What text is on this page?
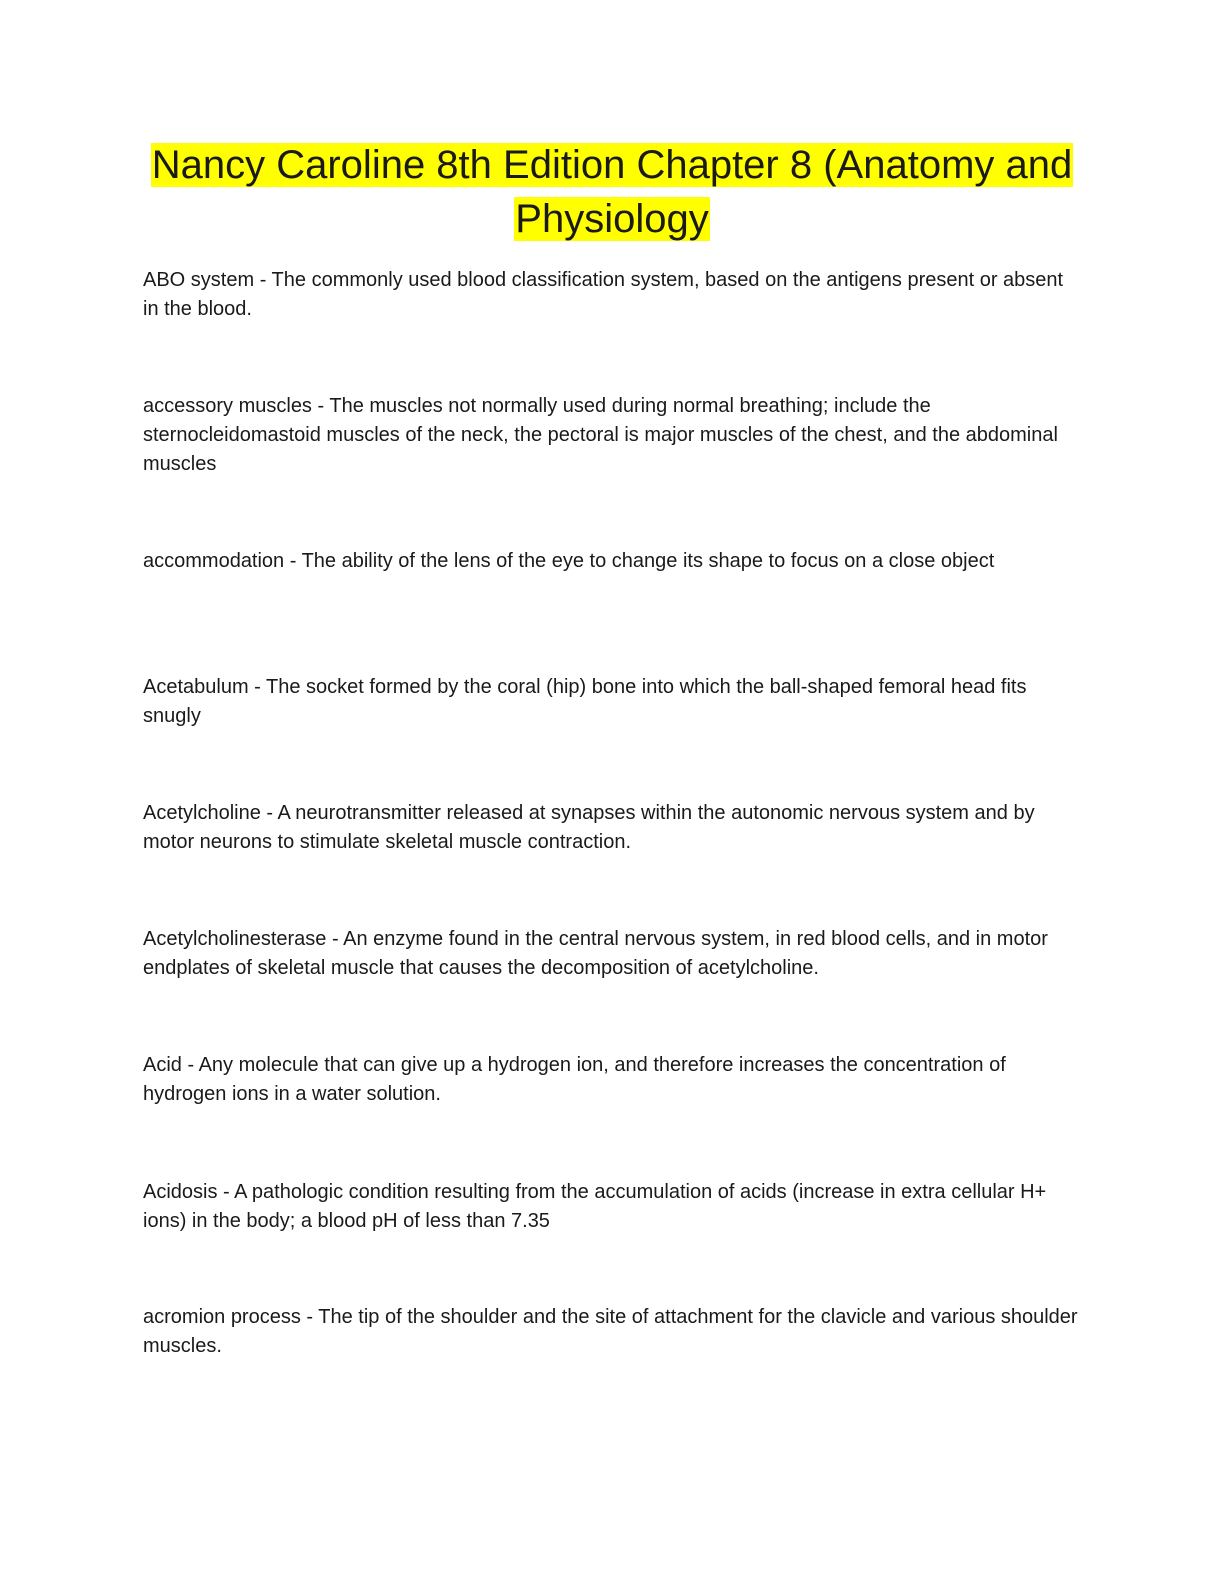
Nancy Caroline 8th Edition Chapter 8 (Anatomy and Physiology

ABO system - The commonly used blood classification system, based on the antigens present or absent in the blood.

accessory muscles - The muscles not normally used during normal breathing; include the sternocleidomastoid muscles of the neck, the pectoral is major muscles of the chest, and the abdominal muscles

accommodation - The ability of the lens of the eye to change its shape to focus on a close object

Acetabulum - The socket formed by the coral (hip) bone into which the ball-shaped femoral head fits snugly

Acetylcholine - A neurotransmitter released at synapses within the autonomic nervous system and by motor neurons to stimulate skeletal muscle contraction.

Acetylcholinesterase - An enzyme found in the central nervous system, in red blood cells, and in motor endplates of skeletal muscle that causes the decomposition of acetylcholine.

Acid - Any molecule that can give up a hydrogen ion, and therefore increases the concentration of hydrogen ions in a water solution.

Acidosis - A pathologic condition resulting from the accumulation of acids (increase in extra cellular H+ ions) in the body; a blood pH of less than 7.35

acromion process - The tip of the shoulder and the site of attachment for the clavicle and various shoulder muscles.
